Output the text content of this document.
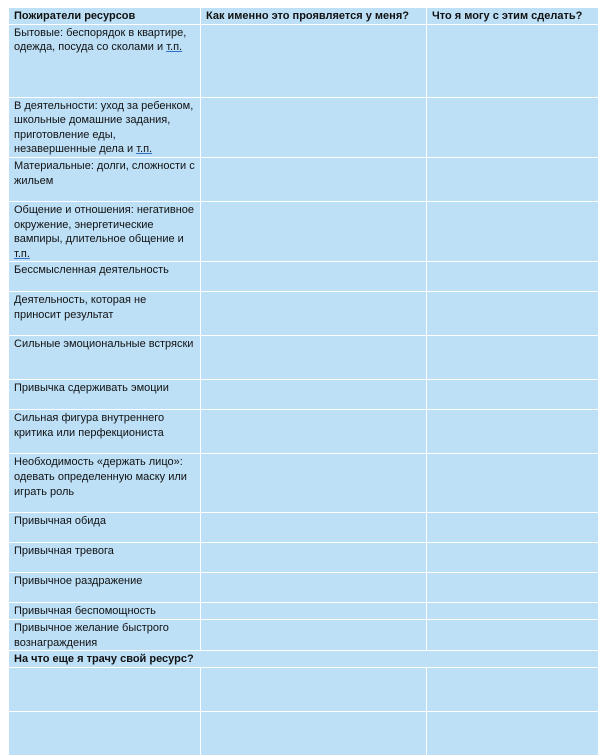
Пожиратели ресурсов	Как именно это проявляется у меня?	Что я могу с этим сделать?
Бытовые: беспорядок в квартире, одежда, посуда со сколами и т.п.		
В деятельности: уход за ребенком, школьные домашние задания, приготовление еды, незавершенные дела и т.п.		
Материальные: долги, сложности с жильем		
Общение и отношения: негативное окружение, энергетические вампиры, длительное общение и т.п.		
Бессмысленная деятельность		
Деятельность, которая не приносит результат		
Сильные эмоциональные встряски		
Привычка сдерживать эмоции		
Сильная фигура внутреннего критика или перфекциониста		
Необходимость «держать лицо»: одевать определенную маску или играть роль		
Привычная обида		
Привычная тревога		
Привычное раздражение		
Привычная беспомощность		
Привычное желание быстрого вознаграждения		
На что еще я трачу свой ресурс?		
